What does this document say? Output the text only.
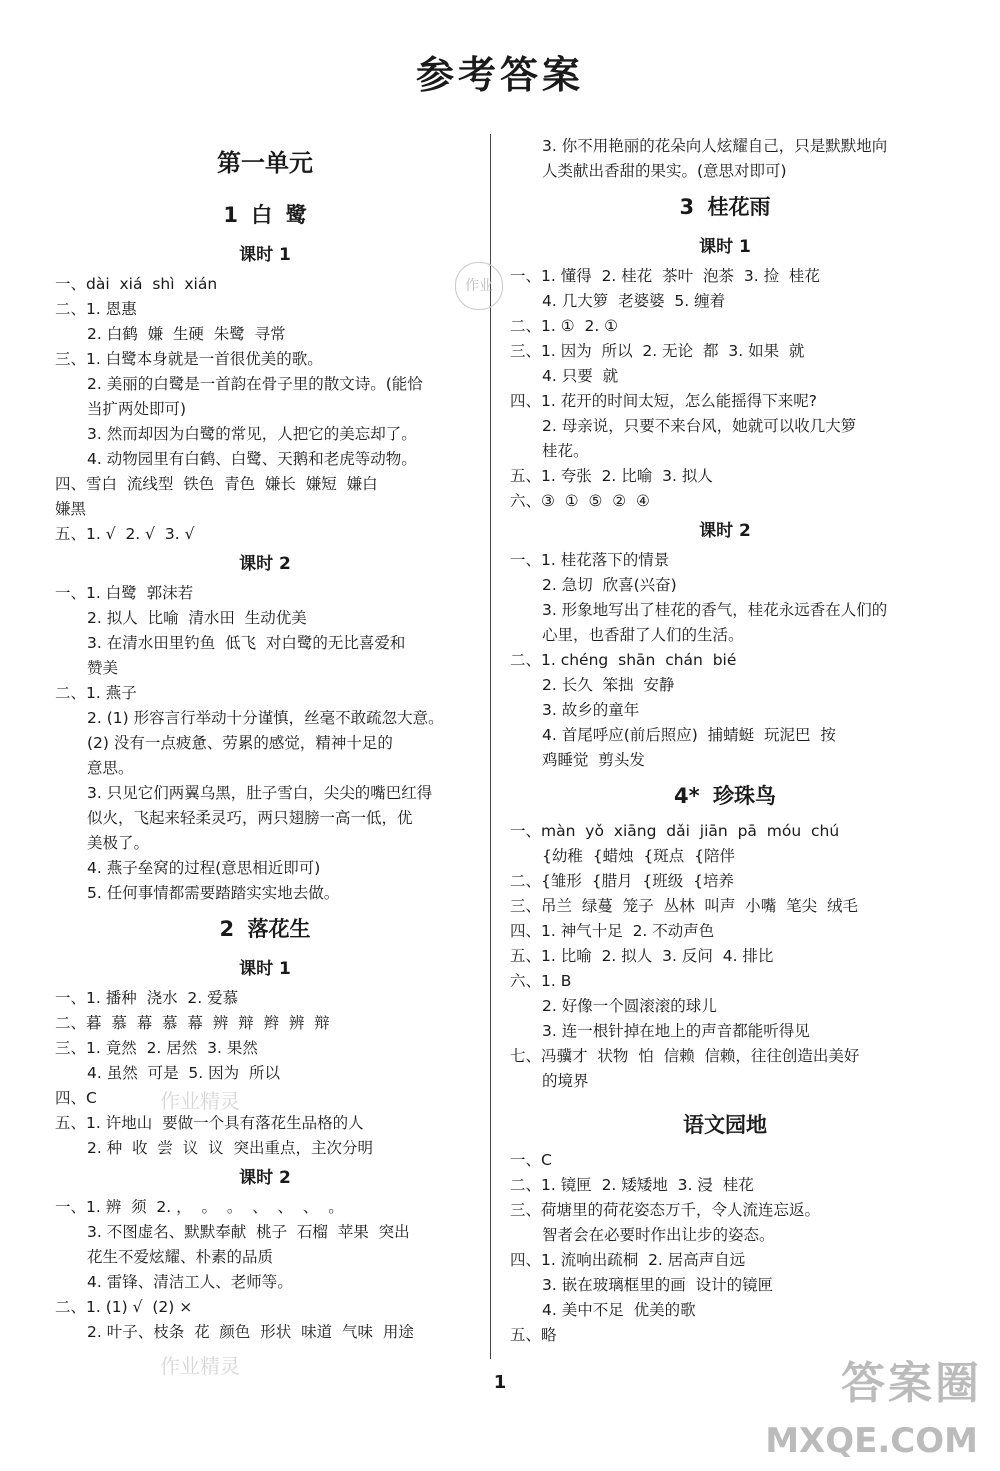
参考答案
第一单元
1 白 鹭
课时 1
一、dài  xiá  shì  xián
二、1. 恩惠
2. 白鹤  嫌  生硬  朱鹭  寻常
三、1. 白鹭本身就是一首很优美的歌。
2. 美丽的白鹭是一首韵在骨子里的散文诗。(能恰
当扩两处即可)
3. 然而却因为白鹭的常见，人把它的美忘却了。
4. 动物园里有白鹤、白鹭、天鹅和老虎等动物。
四、雪白  流线型  铁色  青色  嫌长  嫌短  嫌白
嫌黑
五、1. √  2. √  3. √
课时 2
一、1. 白鹭  郭沫若
2. 拟人  比喻  清水田  生动优美
3. 在清水田里钓鱼  低飞  对白鹭的无比喜爱和
赞美
二、1. 燕子
2. (1) 形容言行举动十分谨慎，丝毫不敢疏忽大意。
(2) 没有一点疲惫、劳累的感觉，精神十足的
意思。
3. 只见它们两翼乌黑，肚子雪白，尖尖的嘴巴红得
似火，飞起来轻柔灵巧，两只翅膀一高一低，优
美极了。
4. 燕子垒窝的过程(意思相近即可)
5. 任何事情都需要踏踏实实地去做。
2 落花生
课时 1
一、1. 播种  浇水  2. 爱慕
二、暮  慕  幕  慕  幕  辨  辩  辫  辨  辩
三、1. 竟然  2. 居然  3. 果然
4. 虽然  可是  5. 因为  所以
四、C
五、1. 许地山  要做一个具有落花生品格的人
2. 种  收  尝  议  议  突出重点，主次分明
课时 2
一、1. 辨  须  2. ，  。  。  、  、  、  。
3. 不图虚名、默默奉献  桃子  石榴  苹果  突出
花生不爱炫耀、朴素的品质
4. 雷锋、清洁工人、老师等。
二、1. (1) √  (2) ×
2. 叶子、枝条  花  颜色  形状  味道  气味  用途
3. 你不用艳丽的花朵向人炫耀自己，只是默默地向
人类献出香甜的果实。(意思对即可)
3 桂花雨
课时 1
一、1. 懂得  2. 桂花  茶叶  泡茶  3. 捡  桂花
4. 几大箩  老婆婆  5. 缠着
二、1. ①  2. ①
三、1. 因为  所以  2. 无论  都  3. 如果  就
4. 只要  就
四、1. 花开的时间太短，怎么能摇得下来呢?
2. 母亲说，只要不来台风，她就可以收几大箩
桂花。
五、1. 夸张  2. 比喻  3. 拟人
六、③  ①  ⑤  ②  ④
课时 2
一、1. 桂花落下的情景
2. 急切  欣喜(兴奋)
3. 形象地写出了桂花的香气，桂花永远香在人们的
心里，也香甜了人们的生活。
二、1. chéng  shān  chán  bié
2. 长久  笨拙  安静
3. 故乡的童年
4. 首尾呼应(前后照应)  捕蜻蜓  玩泥巴  按
鸡睡觉  剪头发
4* 珍珠鸟
一、màn  yǒ  xiāng  dǎi  jiān  pā  móu  chú
{幼稚  {蜡烛  {斑点  {陪伴
二、{雏形  {腊月  {班级  {培养
三、吊兰  绿蔓  笼子  丛林  叫声  小嘴  笔尖  绒毛
四、1. 神气十足  2. 不动声色
五、1. 比喻  2. 拟人  3. 反问  4. 排比
六、1. B
2. 好像一个圆滚滚的球儿
3. 连一根针掉在地上的声音都能听得见
七、冯骥才  状物  怕  信赖  信赖，往往创造出美好
的境界
语文园地
一、C
二、1. 镜匣  2. 矮矮地  3. 浸  桂花
三、荷塘里的荷花姿态万千，令人流连忘返。
智者会在必要时作出让步的姿态。
四、1. 流响出疏桐  2. 居高声自远
3. 嵌在玻璃框里的画  设计的镜匣
4. 美中不足  优美的歌
五、略
作业
作业精灵
作业精灵
1	答案圈
MXQE.COM
